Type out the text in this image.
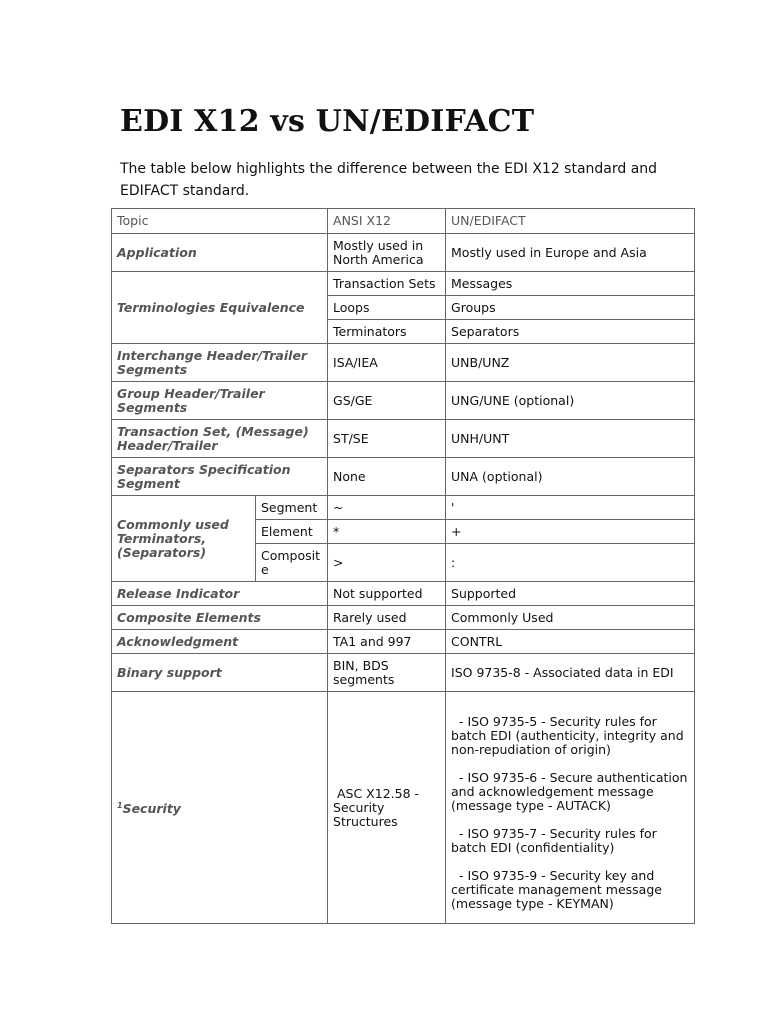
EDI X12 vs UN/EDIFACT
The table below highlights the difference between the EDI X12 standard and EDIFACT standard.
Topic		ANSI X12	UN/EDIFACT
Application		Mostly used in North America	Mostly used in Europe and Asia
Terminologies Equivalence		Transaction Sets	Messages
		Loops	Groups
		Terminators	Separators
Interchange Header/Trailer Segments		ISA/IEA	UNB/UNZ
Group Header/Trailer Segments		GS/GE	UNG/UNE (optional)
Transaction Set, (Message) Header/Trailer		ST/SE	UNH/UNT
Separators Specification Segment		None	UNA (optional)
Commonly used Terminators, (Separators)	Segment	~	'
	Element	*	+
	Composit e	>	:
Release Indicator		Not supported	Supported
Composite Elements		Rarely used	Commonly Used
Acknowledgment		TA1 and 997	CONTRL
Binary support		BIN, BDS segments	ISO 9735-8 - Associated data in EDI
$^1$Security		ASC X12.58 - Security Structures	- ISO 9735-5 - Security rules for batch EDI (authenticity, integrity and non-repudiation of origin)

- ISO 9735-6 - Secure authentication and acknowledgement message (message type - AUTACK)

- ISO 9735-7 - Security rules for batch EDI (confidentiality)

- ISO 9735-9 - Security key and certificate management message (message type - KEYMAN)
